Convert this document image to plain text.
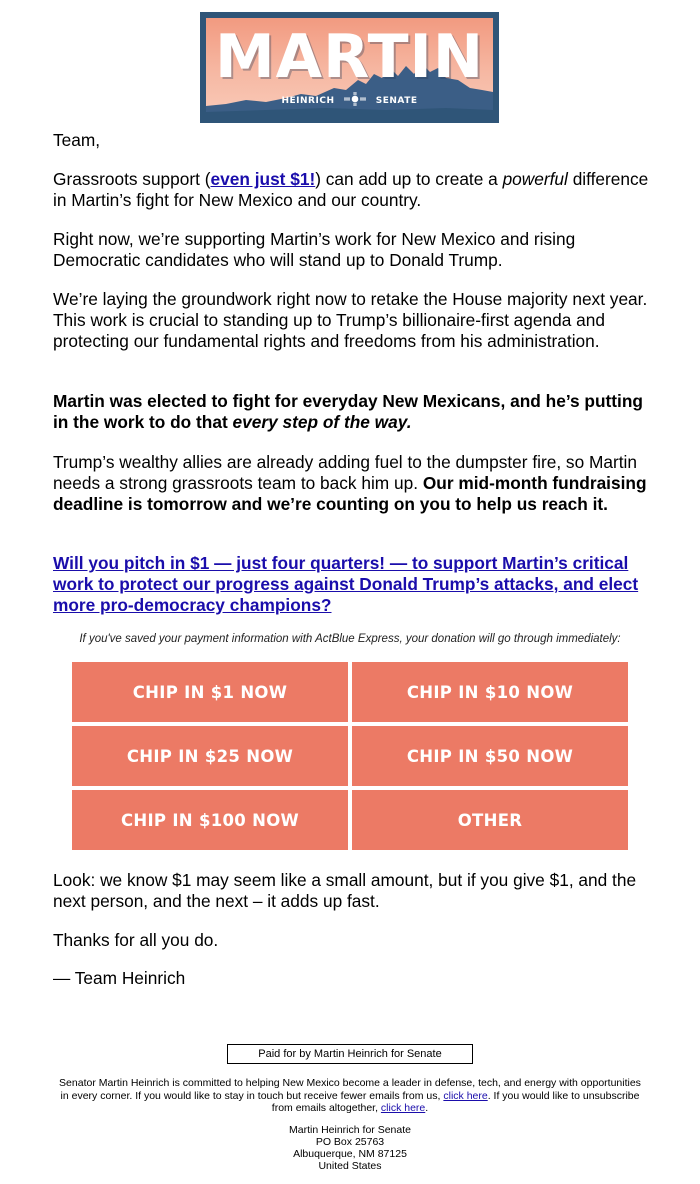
MARTIN
HEINRICH	SENATE

Team,

Grassroots support (even just $1!) can add up to create a powerful difference in Martin’s fight for New Mexico and our country.

Right now, we’re supporting Martin’s work for New Mexico and rising Democratic candidates who will stand up to Donald Trump.

We’re laying the groundwork right now to retake the House majority next year. This work is crucial to standing up to Trump’s billionaire-first agenda and protecting our fundamental rights and freedoms from his administration.

Martin was elected to fight for everyday New Mexicans, and he’s putting in the work to do that every step of the way.

Trump’s wealthy allies are already adding fuel to the dumpster fire, so Martin needs a strong grassroots team to back him up. Our mid-month fundraising deadline is tomorrow and we’re counting on you to help us reach it.

Will you pitch in $1 — just four quarters! — to support Martin’s critical work to protect our progress against Donald Trump’s attacks, and elect more pro-democracy champions?

If you've saved your payment information with ActBlue Express, your donation will go through immediately:
CHIP IN $1 NOW	CHIP IN $10 NOW
CHIP IN $25 NOW	CHIP IN $50 NOW
CHIP IN $100 NOW	OTHER

Look: we know $1 may seem like a small amount, but if you give $1, and the next person, and the next – it adds up fast.

Thanks for all you do.

— Team Heinrich

Paid for by Martin Heinrich for Senate
Senator Martin Heinrich is committed to helping New Mexico become a leader in defense, tech, and energy with opportunities in every corner. If you would like to stay in touch but receive fewer emails from us, click here. If you would like to unsubscribe from emails altogether, click here.
Martin Heinrich for Senate
PO Box 25763
Albuquerque, NM 87125
United States
